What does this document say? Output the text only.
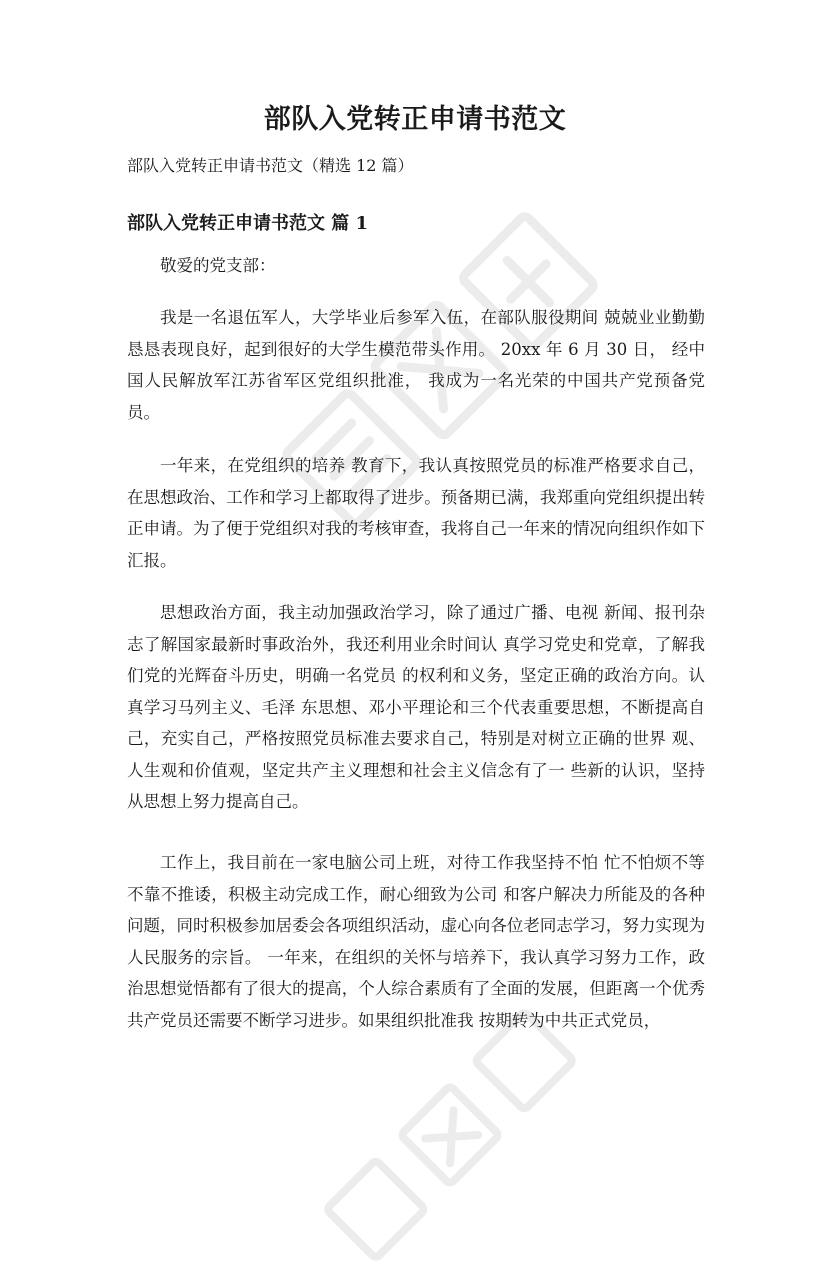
部队入党转正申请书范文

部队入党转正申请书范文（精选 12 篇）

部队入党转正申请书范文 篇 1

敬爱的党支部：

我是一名退伍军人，大学毕业后参军入伍，在部队服役期间 兢兢业业勤勤恳恳表现良好，起到很好的大学生模范带头作用。 20xx 年 6 月 30 日， 经中国人民解放军江苏省军区党组织批准， 我成为一名光荣的中国共产党预备党员。

一年来，在党组织的培养 教育下，我认真按照党员的标准严格要求自己，在思想政治、工作和学习上都取得了进步。预备期已满，我郑重向党组织提出转 正申请。为了便于党组织对我的考核审查，我将自己一年来的情况向组织作如下汇报。

思想政治方面，我主动加强政治学习，除了通过广播、电视 新闻、报刊杂志了解国家最新时事政治外，我还利用业余时间认 真学习党史和党章，了解我们党的光辉奋斗历史，明确一名党员 的权利和义务，坚定正确的政治方向。认真学习马列主义、毛泽 东思想、邓小平理论和三个代表重要思想，不断提高自己，充实自己，严格按照党员标准去要求自己，特别是对树立正确的世界 观、人生观和价值观，坚定共产主义理想和社会主义信念有了一 些新的认识，坚持从思想上努力提高自己。

工作上，我目前在一家电脑公司上班，对待工作我坚持不怕 忙不怕烦不等不靠不推诿，积极主动完成工作，耐心细致为公司 和客户解决力所能及的各种问题，同时积极参加居委会各项组织活动，虚心向各位老同志学习，努力实现为人民服务的宗旨。 一年来，在组织的关怀与培养下，我认真学习努力工作，政 治思想觉悟都有了很大的提高，个人综合素质有了全面的发展，但距离一个优秀共产党员还需要不断学习进步。如果组织批准我 按期转为中共正式党员，
